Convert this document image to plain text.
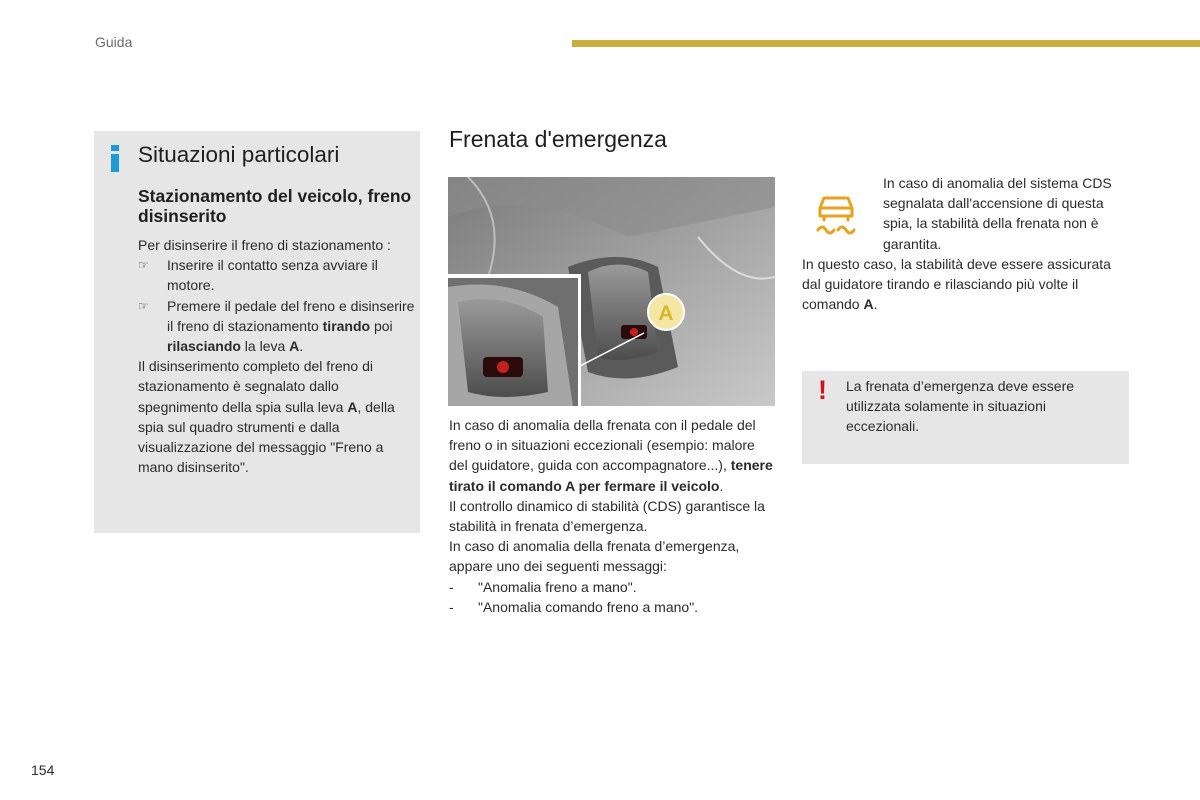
Guida
Situazioni particolari
Stazionamento del veicolo, freno disinserito
Per disinserire il freno di stazionamento :
☞ Inserire il contatto senza avviare il motore.
☞ Premere il pedale del freno e disinserire il freno di stazionamento tirando poi rilasciando la leva A.
Il disinserimento completo del freno di stazionamento è segnalato dallo spegnimento della spia sulla leva A, della spia sul quadro strumenti e dalla visualizzazione del messaggio "Freno a mano disinserito".
Frenata d'emergenza
A
In caso di anomalia della frenata con il pedale del freno o in situazioni eccezionali (esempio: malore del guidatore, guida con accompagnatore...), tenere tirato il comando A per fermare il veicolo.
Il controllo dinamico di stabilità (CDS) garantisce la stabilità in frenata d’emergenza.
In caso di anomalia della frenata d’emergenza, appare uno dei seguenti messaggi:
- "Anomalia freno a mano".
- "Anomalia comando freno a mano".
In caso di anomalia del sistema CDS segnalata dall'accensione di questa spia, la stabilità della frenata non è garantita.
In questo caso, la stabilità deve essere assicurata dal guidatore tirando e rilasciando più volte il comando A.
! La frenata d’emergenza deve essere utilizzata solamente in situazioni eccezionali.
154
